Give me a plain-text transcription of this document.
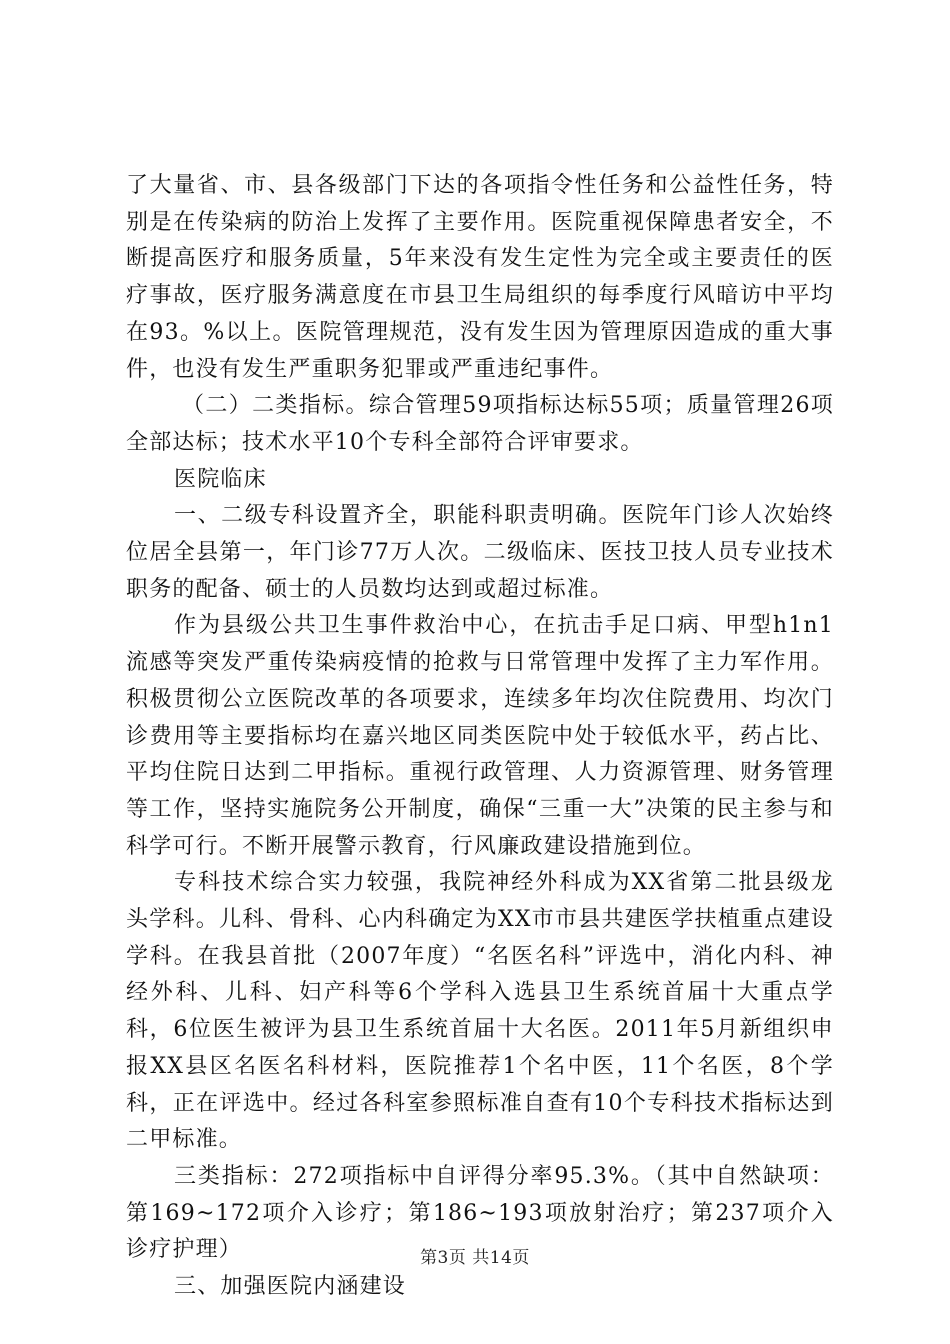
了大量省、市、县各级部门下达的各项指令性任务和公益性任务，特别是在传染病的防治上发挥了主要作用。医院重视保障患者安全，不断提高医疗和服务质量，5年来没有发生定性为完全或主要责任的医疗事故，医疗服务满意度在市县卫生局组织的每季度行风暗访中平均在93。%以上。医院管理规范，没有发生因为管理原因造成的重大事件，也没有发生严重职务犯罪或严重违纪事件。

（二）二类指标。综合管理59项指标达标55项；质量管理26项全部达标；技术水平10个专科全部符合评审要求。

医院临床

一、二级专科设置齐全，职能科职责明确。医院年门诊人次始终位居全县第一，年门诊77万人次。二级临床、医技卫技人员专业技术职务的配备、硕士的人员数均达到或超过标准。

作为县级公共卫生事件救治中心，在抗击手足口病、甲型h1n1流感等突发严重传染病疫情的抢救与日常管理中发挥了主力军作用。积极贯彻公立医院改革的各项要求，连续多年均次住院费用、均次门诊费用等主要指标均在嘉兴地区同类医院中处于较低水平，药占比、平均住院日达到二甲指标。重视行政管理、人力资源管理、财务管理等工作，坚持实施院务公开制度，确保“三重一大”决策的民主参与和科学可行。不断开展警示教育，行风廉政建设措施到位。

专科技术综合实力较强，我院神经外科成为XX省第二批县级龙头学科。儿科、骨科、心内科确定为XX市市县共建医学扶植重点建设学科。在我县首批（2007年度）“名医名科”评选中，消化内科、神经外科、儿科、妇产科等6个学科入选县卫生系统首届十大重点学科，6位医生被评为县卫生系统首届十大名医。2011年5月新组织申报XX县区名医名科材料，医院推荐1个名中医，11个名医，8个学科，正在评选中。经过各科室参照标准自查有10个专科技术指标达到二甲标准。

三类指标：272项指标中自评得分率95.3%。（其中自然缺项：第169~172项介入诊疗；第186~193项放射治疗；第237项介入诊疗护理）

三、加强医院内涵建设

第3页 共14页
